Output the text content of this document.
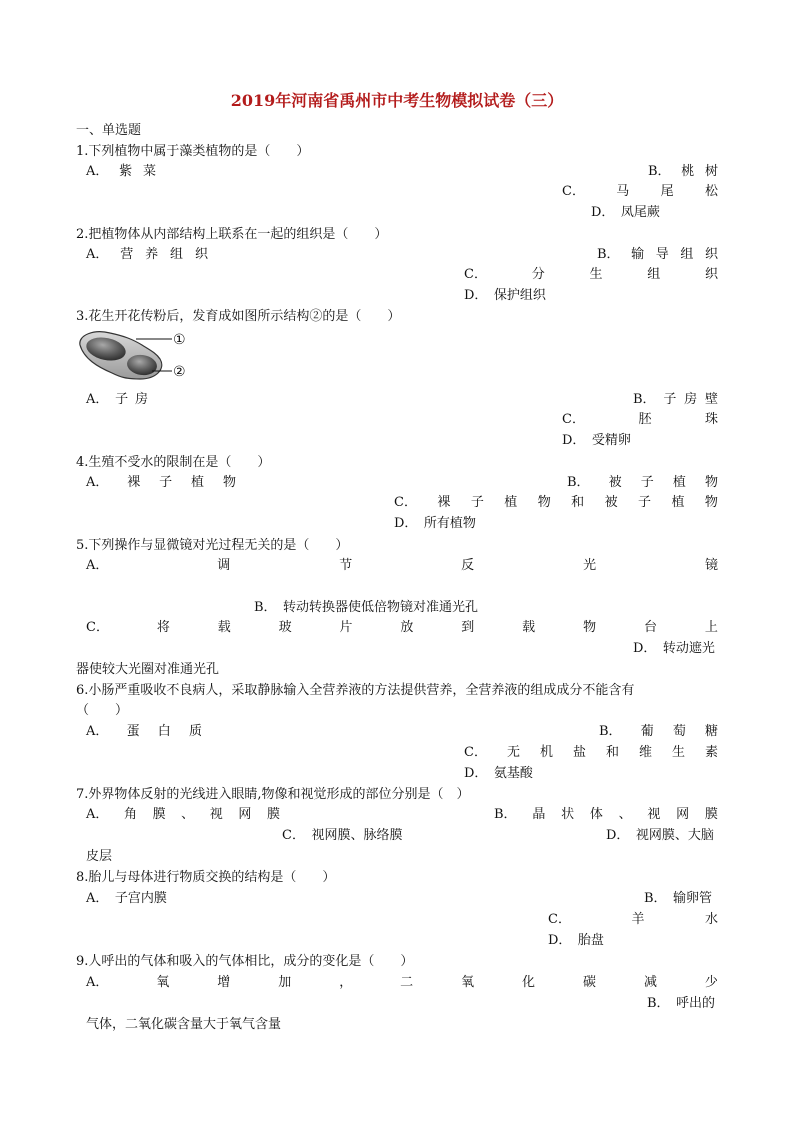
2019年河南省禹州市中考生物模拟试卷（三）
一、单选题
1.下列植物中属于藻类植物的是（　　）
A． 紫 菜	B． 桃 树
C． 马 尾 松
D．　凤尾蕨
2.把植物体从内部结构上联系在一起的组织是（　　）
A． 营 养 组 织	B． 输 导 组 织
C．	分	生	组	织
D．　保护组织
3.花生开花传粉后，发育成如图所示结构②的是（　　）
①
②
A． 子 房	B． 子 房 壁
C．	胚	珠
D．　受精卵
4.生殖不受水的限制在是（　　）
A． 裸 子 植 物	B． 被 子 植 物
C． 裸 子 植 物 和 被 子 植 物
D．　所有植物
5.下列操作与显微镜对光过程无关的是（　　）
A．	调	节	反	光	镜
B．　转动转换器使低倍物镜对准通光孔
C．	将	载	玻	片	放	到	载	物	台	上
D．　转动遮光
器使较大光圈对准通光孔
6.小肠严重吸收不良病人，采取静脉输入全营养液的方法提供营养，全营养液的组成成分不能含有
（　　）
A． 蛋 白 质	B． 葡 萄 糖
C． 无 机 盐 和 维 生 素
D．　氨基酸
7.外界物体反射的光线进入眼睛,物像和视觉形成的部位分别是（　）
A． 角 膜 、 视 网 膜	B． 晶 状 体 、 视 网 膜
C．　视网膜、脉络膜	D．　视网膜、大脑
皮层
8.胎儿与母体进行物质交换的结构是（　　）
A．　子宫内膜	B．　输卵管
C．	羊	水
D．　胎盘
9.人呼出的气体和吸入的气体相比，成分的变化是（　　）
A．	氧	增	加	，	二	氧	化	碳	减	少
B．　呼出的
气体，二氧化碳含量大于氧气含量
